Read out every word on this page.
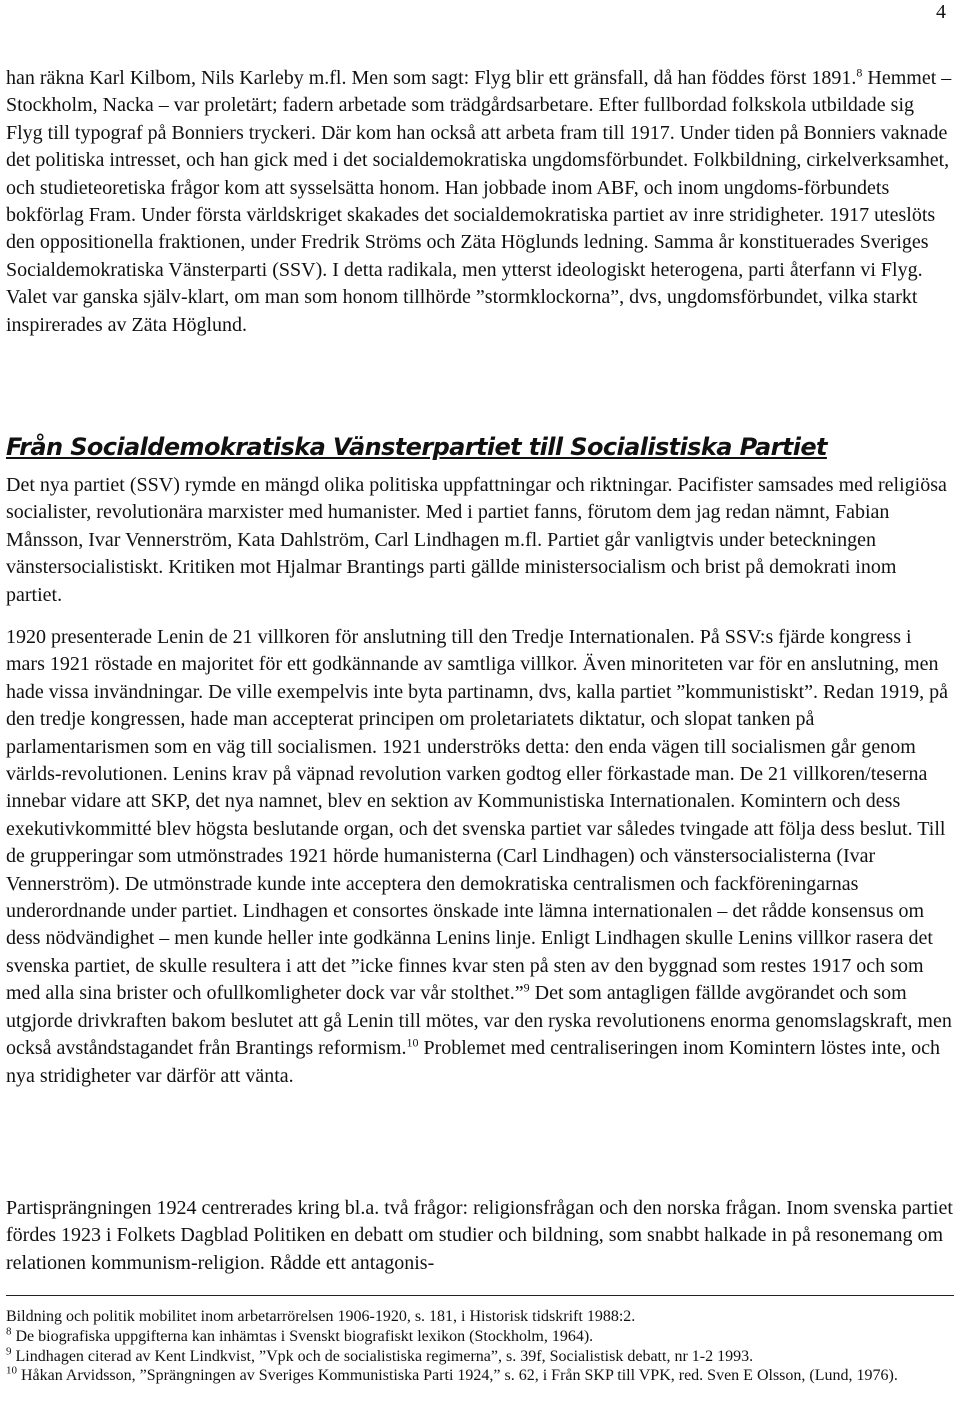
4

han räkna Karl Kilbom, Nils Karleby m.fl. Men som sagt: Flyg blir ett gränsfall, då han föddes först 1891.$^8$ Hemmet – Stockholm, Nacka – var proletärt; fadern arbetade som trädgårdsarbetare. Efter fullbordad folkskola utbildade sig Flyg till typograf på Bonniers tryckeri. Där kom han också att arbeta fram till 1917. Under tiden på Bonniers vaknade det politiska intresset, och han gick med i det socialdemokratiska ungdomsförbundet. Folkbildning, cirkelverksamhet, och studieteoretiska frågor kom att sysselsätta honom. Han jobbade inom ABF, och inom ungdoms-förbundets bokförlag Fram. Under första världskriget skakades det socialdemokratiska partiet av inre stridigheter. 1917 uteslöts den oppositionella fraktionen, under Fredrik Ströms och Zäta Höglunds ledning. Samma år konstituerades Sveriges Socialdemokratiska Vänsterparti (SSV). I detta radikala, men ytterst ideologiskt heterogena, parti återfann vi Flyg. Valet var ganska själv-klart, om man som honom tillhörde ”stormklockorna”, dvs, ungdomsförbundet, vilka starkt inspirerades av Zäta Höglund.

Från Socialdemokratiska Vänsterpartiet till Socialistiska Partiet

Det nya partiet (SSV) rymde en mängd olika politiska uppfattningar och riktningar. Pacifister samsades med religiösa socialister, revolutionära marxister med humanister. Med i partiet fanns, förutom dem jag redan nämnt, Fabian Månsson, Ivar Vennerström, Kata Dahlström, Carl Lindhagen m.fl. Partiet går vanligtvis under beteckningen vänstersocialistiskt. Kritiken mot Hjalmar Brantings parti gällde ministersocialism och brist på demokrati inom partiet.

1920 presenterade Lenin de 21 villkoren för anslutning till den Tredje Internationalen. På SSV:s fjärde kongress i mars 1921 röstade en majoritet för ett godkännande av samtliga villkor. Även minoriteten var för en anslutning, men hade vissa invändningar. De ville exempelvis inte byta partinamn, dvs, kalla partiet ”kommunistiskt”. Redan 1919, på den tredje kongressen, hade man accepterat principen om proletariatets diktatur, och slopat tanken på parlamentarismen som en väg till socialismen. 1921 underströks detta: den enda vägen till socialismen går genom världs-revolutionen. Lenins krav på väpnad revolution varken godtog eller förkastade man. De 21 villkoren/teserna innebar vidare att SKP, det nya namnet, blev en sektion av Kommunistiska Internationalen. Komintern och dess exekutivkommitté blev högsta beslutande organ, och det svenska partiet var således tvingade att följa dess beslut. Till de grupperingar som utmönstrades 1921 hörde humanisterna (Carl Lindhagen) och vänstersocialisterna (Ivar Vennerström). De utmönstrade kunde inte acceptera den demokratiska centralismen och fackföreningarnas underordnande under partiet. Lindhagen et consortes önskade inte lämna internationalen – det rådde konsensus om dess nödvändighet – men kunde heller inte godkänna Lenins linje. Enligt Lindhagen skulle Lenins villkor rasera det svenska partiet, de skulle resultera i att det ”icke finnes kvar sten på sten av den byggnad som restes 1917 och som med alla sina brister och ofullkomligheter dock var vår stolthet.”$^9$ Det som antagligen fällde avgörandet och som utgjorde drivkraften bakom beslutet att gå Lenin till mötes, var den ryska revolutionens enorma genomslagskraft, men också avståndstagandet från Brantings reformism.$^{10}$ Problemet med centraliseringen inom Komintern löstes inte, och nya stridigheter var därför att vänta.

Partisprängningen 1924 centrerades kring bl.a. två frågor: religionsfrågan och den norska frågan. Inom svenska partiet fördes 1923 i Folkets Dagblad Politiken en debatt om studier och bildning, som snabbt halkade in på resonemang om relationen kommunism-religion. Rådde ett antagonis-

Bildning och politik mobilitet inom arbetarrörelsen 1906-1920, s. 181, i Historisk tidskrift 1988:2.

$^8$ De biografiska uppgifterna kan inhämtas i Svenskt biografiskt lexikon (Stockholm, 1964).

$^9$ Lindhagen citerad av Kent Lindkvist, ”Vpk och de socialistiska regimerna”, s. 39f, Socialistisk debatt, nr 1-2 1993.

$^{10}$ Håkan Arvidsson, ”Sprängningen av Sveriges Kommunistiska Parti 1924,” s. 62, i Från SKP till VPK, red. Sven E Olsson, (Lund, 1976).
